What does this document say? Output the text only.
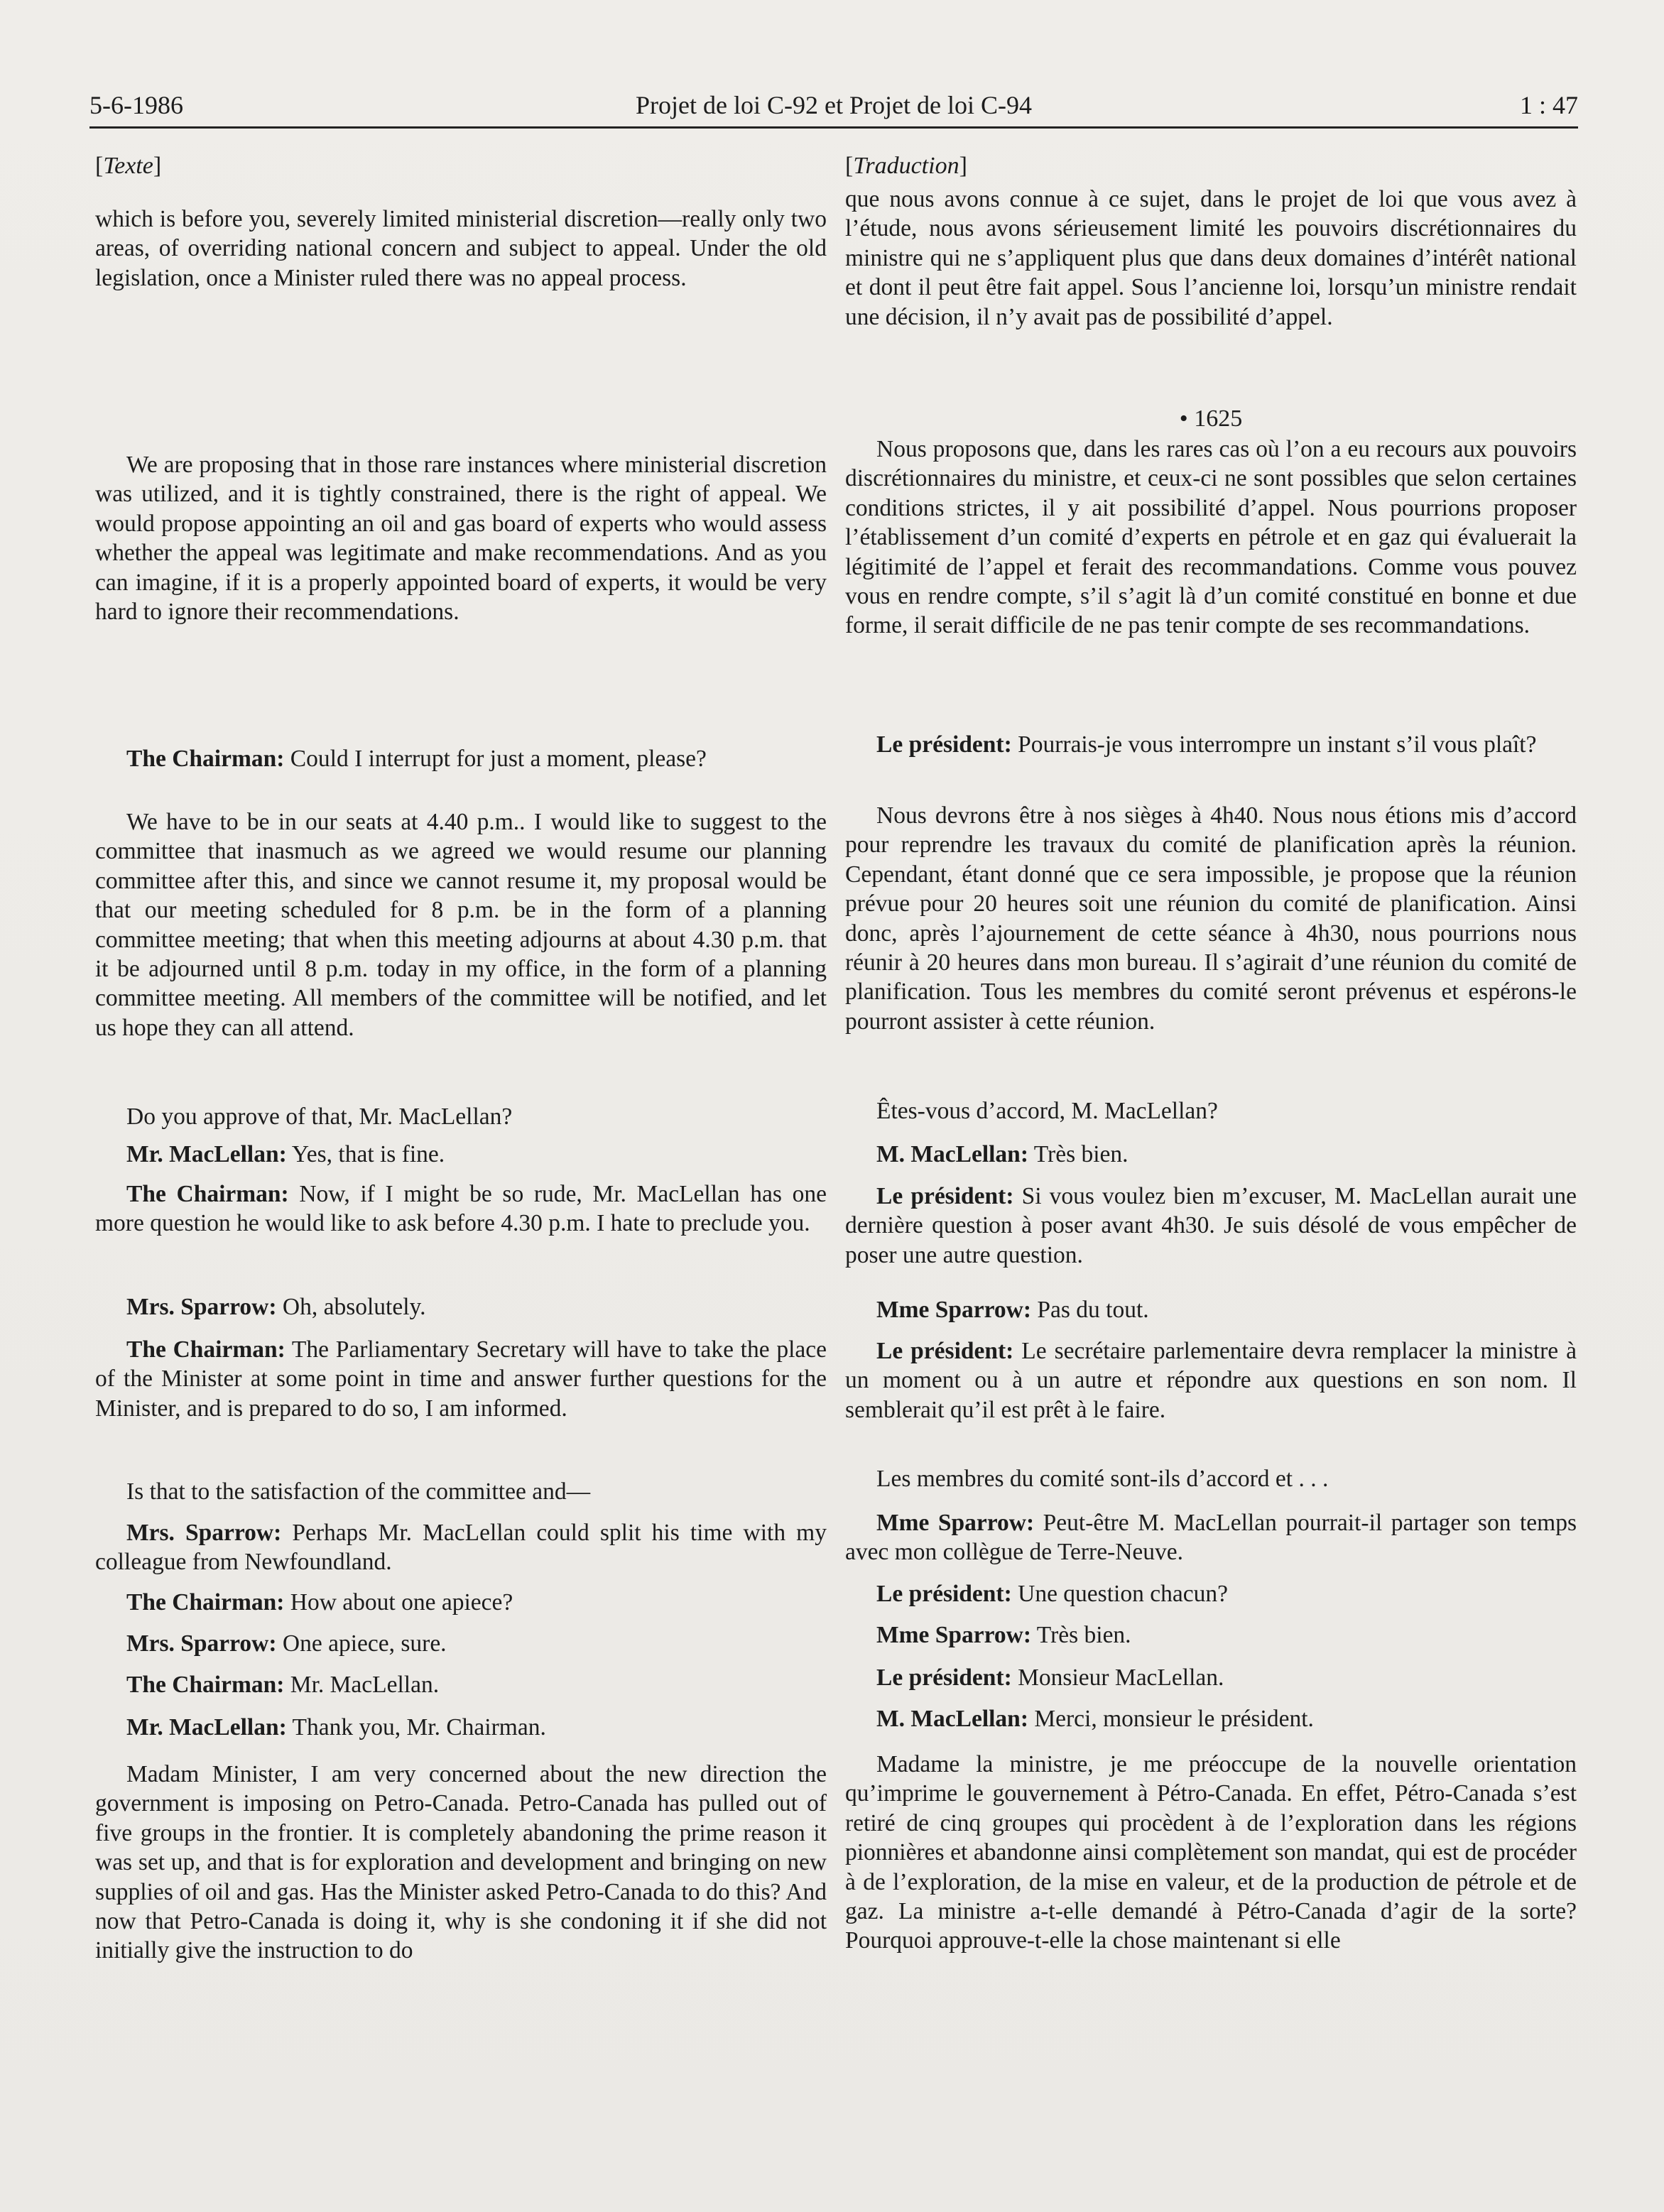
5-6-1986	Projet de loi C-92 et Projet de loi C-94	1 : 47
[Texte]

which is before you, severely limited ministerial discretion—really only two areas, of overriding national concern and subject to appeal. Under the old legislation, once a Minister ruled there was no appeal process.

We are proposing that in those rare instances where ministerial discretion was utilized, and it is tightly constrained, there is the right of appeal. We would propose appointing an oil and gas board of experts who would assess whether the appeal was legitimate and make recommendations. And as you can imagine, if it is a properly appointed board of experts, it would be very hard to ignore their recommendations.

The Chairman: Could I interrupt for just a moment, please?

We have to be in our seats at 4.40 p.m.. I would like to suggest to the committee that inasmuch as we agreed we would resume our planning committee after this, and since we cannot resume it, my proposal would be that our meeting scheduled for 8 p.m. be in the form of a planning committee meeting; that when this meeting adjourns at about 4.30 p.m. that it be adjourned until 8 p.m. today in my office, in the form of a planning committee meeting. All members of the committee will be notified, and let us hope they can all attend.

Do you approve of that, Mr. MacLellan?

Mr. MacLellan: Yes, that is fine.

The Chairman: Now, if I might be so rude, Mr. MacLellan has one more question he would like to ask before 4.30 p.m. I hate to preclude you.

Mrs. Sparrow: Oh, absolutely.

The Chairman: The Parliamentary Secretary will have to take the place of the Minister at some point in time and answer further questions for the Minister, and is prepared to do so, I am informed.

Is that to the satisfaction of the committee and—

Mrs. Sparrow: Perhaps Mr. MacLellan could split his time with my colleague from Newfoundland.

The Chairman: How about one apiece?

Mrs. Sparrow: One apiece, sure.

The Chairman: Mr. MacLellan.

Mr. MacLellan: Thank you, Mr. Chairman.

Madam Minister, I am very concerned about the new direction the government is imposing on Petro-Canada. Petro-Canada has pulled out of five groups in the frontier. It is completely abandoning the prime reason it was set up, and that is for exploration and development and bringing on new supplies of oil and gas. Has the Minister asked Petro-Canada to do this? And now that Petro-Canada is doing it, why is she condoning it if she did not initially give the instruction to do

[Traduction]

que nous avons connue à ce sujet, dans le projet de loi que vous avez à l’étude, nous avons sérieusement limité les pouvoirs discrétionnaires du ministre qui ne s’appliquent plus que dans deux domaines d’intérêt national et dont il peut être fait appel. Sous l’ancienne loi, lorsqu’un ministre rendait une décision, il n’y avait pas de possibilité d’appel.

Nous proposons que, dans les rares cas où l’on a eu recours aux pouvoirs discrétionnaires du ministre, et ceux-ci ne sont possibles que selon certaines conditions strictes, il y ait possibilité d’appel. Nous pourrions proposer l’établissement d’un comité d’experts en pétrole et en gaz qui évaluerait la légitimité de l’appel et ferait des recommandations. Comme vous pouvez vous en rendre compte, s’il s’agit là d’un comité constitué en bonne et due forme, il serait difficile de ne pas tenir compte de ses recommandations.

Le président: Pourrais-je vous interrompre un instant s’il vous plaît?

Nous devrons être à nos sièges à 4h40. Nous nous étions mis d’accord pour reprendre les travaux du comité de planification après la réunion. Cependant, étant donné que ce sera impossible, je propose que la réunion prévue pour 20 heures soit une réunion du comité de planification. Ainsi donc, après l’ajournement de cette séance à 4h30, nous pourrions nous réunir à 20 heures dans mon bureau. Il s’agirait d’une réunion du comité de planification. Tous les membres du comité seront prévenus et espérons-le pourront assister à cette réunion.

Êtes-vous d’accord, M. MacLellan?

M. MacLellan: Très bien.

Le président: Si vous voulez bien m’excuser, M. MacLellan aurait une dernière question à poser avant 4h30. Je suis désolé de vous empêcher de poser une autre question.

Mme Sparrow: Pas du tout.

Le président: Le secrétaire parlementaire devra remplacer la ministre à un moment ou à un autre et répondre aux questions en son nom. Il semblerait qu’il est prêt à le faire.

Les membres du comité sont-ils d’accord et . . .

Mme Sparrow: Peut-être M. MacLellan pourrait-il partager son temps avec mon collègue de Terre-Neuve.

Le président: Une question chacun?

Mme Sparrow: Très bien.

Le président: Monsieur MacLellan.

M. MacLellan: Merci, monsieur le président.

Madame la ministre, je me préoccupe de la nouvelle orientation qu’imprime le gouvernement à Pétro-Canada. En effet, Pétro-Canada s’est retiré de cinq groupes qui procèdent à de l’exploration dans les régions pionnières et abandonne ainsi complètement son mandat, qui est de procéder à de l’exploration, de la mise en valeur, et de la production de pétrole et de gaz. La ministre a-t-elle demandé à Pétro-Canada d’agir de la sorte? Pourquoi approuve-t-elle la chose maintenant si elle

• 1625
